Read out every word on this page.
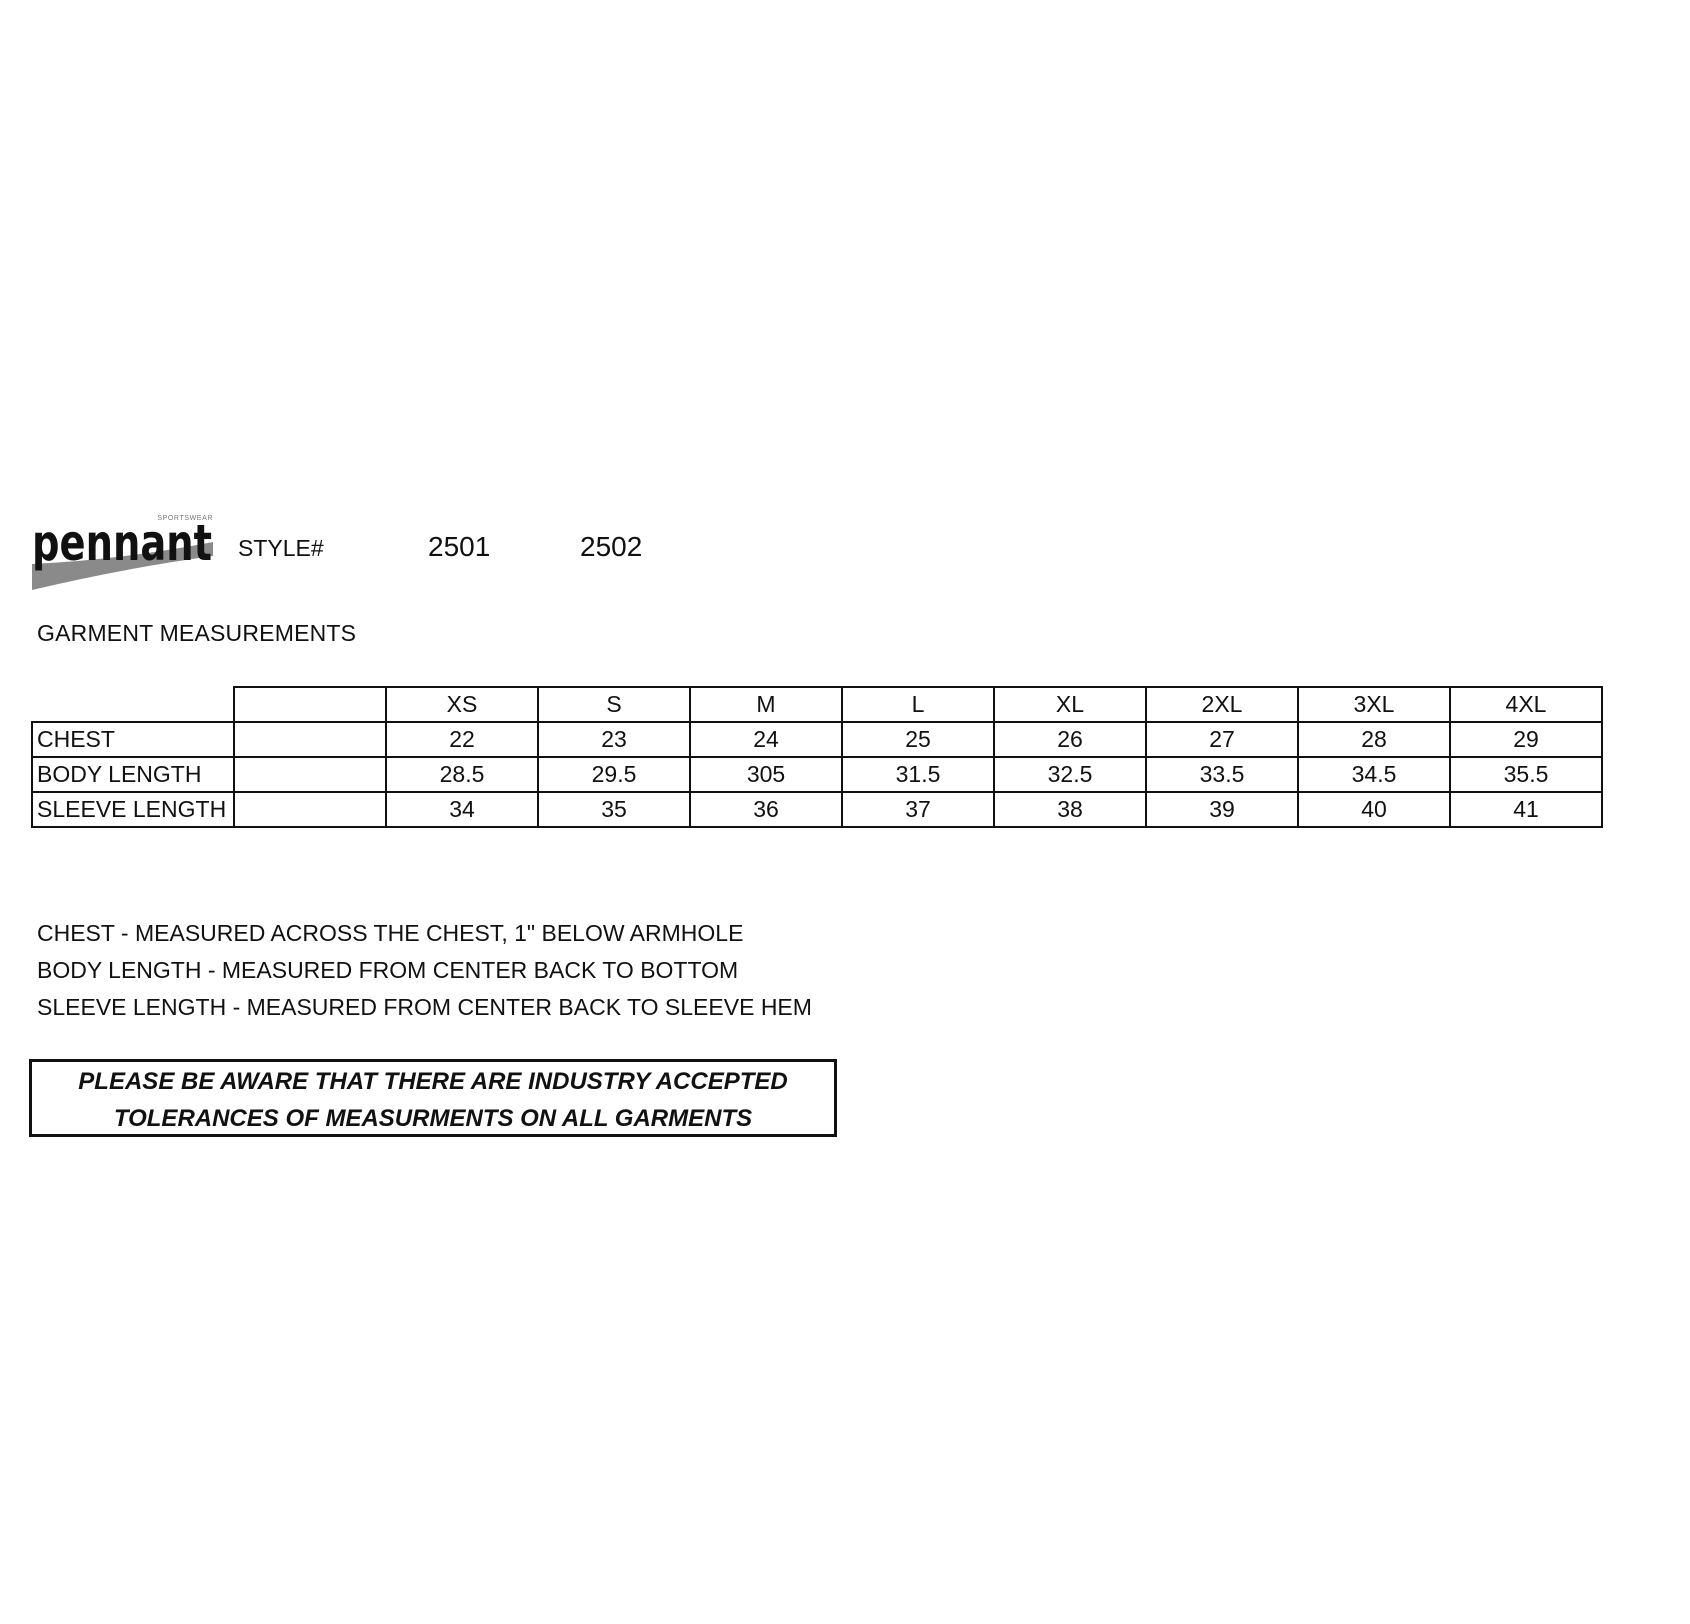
SPORTSWEAR
pennant STYLE#	2501	2502
GARMENT MEASUREMENTS
		XS	S	M	L	XL	2XL	3XL	4XL
CHEST		22	23	24	25	26	27	28	29
BODY LENGTH		28.5	29.5	305	31.5	32.5	33.5	34.5	35.5
SLEEVE LENGTH		34	35	36	37	38	39	40	41
CHEST - MEASURED ACROSS THE CHEST, 1" BELOW ARMHOLE
BODY LENGTH - MEASURED FROM CENTER BACK TO BOTTOM
SLEEVE LENGTH - MEASURED FROM CENTER BACK TO SLEEVE HEM
PLEASE BE AWARE THAT THERE ARE INDUSTRY ACCEPTED
TOLERANCES OF MEASURMENTS ON ALL GARMENTS
